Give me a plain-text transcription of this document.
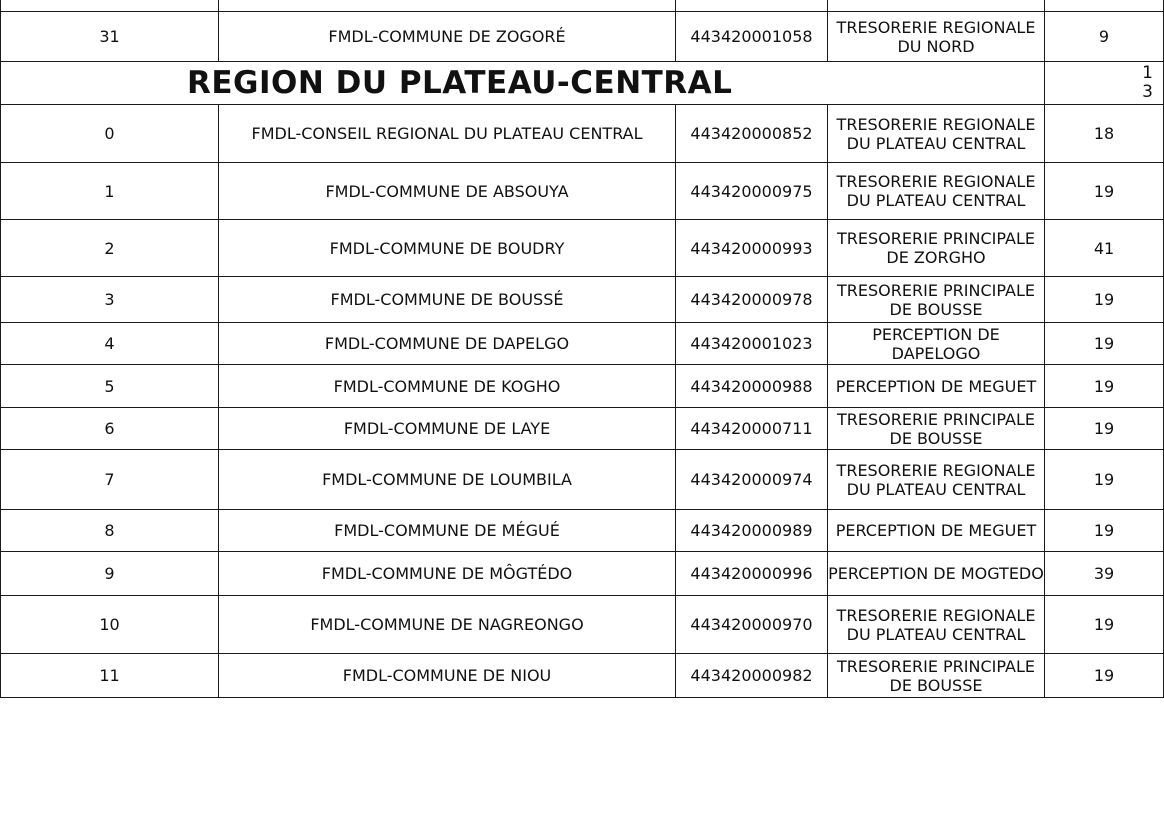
31	FMDL-COMMUNE DE ZOGORÉ	443420001058	TRESORERIE REGIONALE DU NORD	9
REGION DU PLATEAU-CENTRAL				1 3
0	FMDL-CONSEIL REGIONAL DU PLATEAU CENTRAL	443420000852	TRESORERIE REGIONALE DU PLATEAU CENTRAL	18
1	FMDL-COMMUNE DE ABSOUYA	443420000975	TRESORERIE REGIONALE DU PLATEAU CENTRAL	19
2	FMDL-COMMUNE DE BOUDRY	443420000993	TRESORERIE PRINCIPALE DE ZORGHO	41
3	FMDL-COMMUNE DE BOUSSÉ	443420000978	TRESORERIE PRINCIPALE DE BOUSSE	19
4	FMDL-COMMUNE DE DAPELGO	443420001023	PERCEPTION DE DAPELOGO	19
5	FMDL-COMMUNE DE KOGHO	443420000988	PERCEPTION DE MEGUET	19
6	FMDL-COMMUNE DE LAYE	443420000711	TRESORERIE PRINCIPALE DE BOUSSE	19
7	FMDL-COMMUNE DE LOUMBILA	443420000974	TRESORERIE REGIONALE DU PLATEAU CENTRAL	19
8	FMDL-COMMUNE DE MÉGUÉ	443420000989	PERCEPTION DE MEGUET	19
9	FMDL-COMMUNE DE MÔGTÉDO	443420000996	PERCEPTION DE MOGTEDO	39
10	FMDL-COMMUNE DE NAGREONGO	443420000970	TRESORERIE REGIONALE DU PLATEAU CENTRAL	19
11	FMDL-COMMUNE DE NIOU	443420000982	TRESORERIE PRINCIPALE DE BOUSSE	19
